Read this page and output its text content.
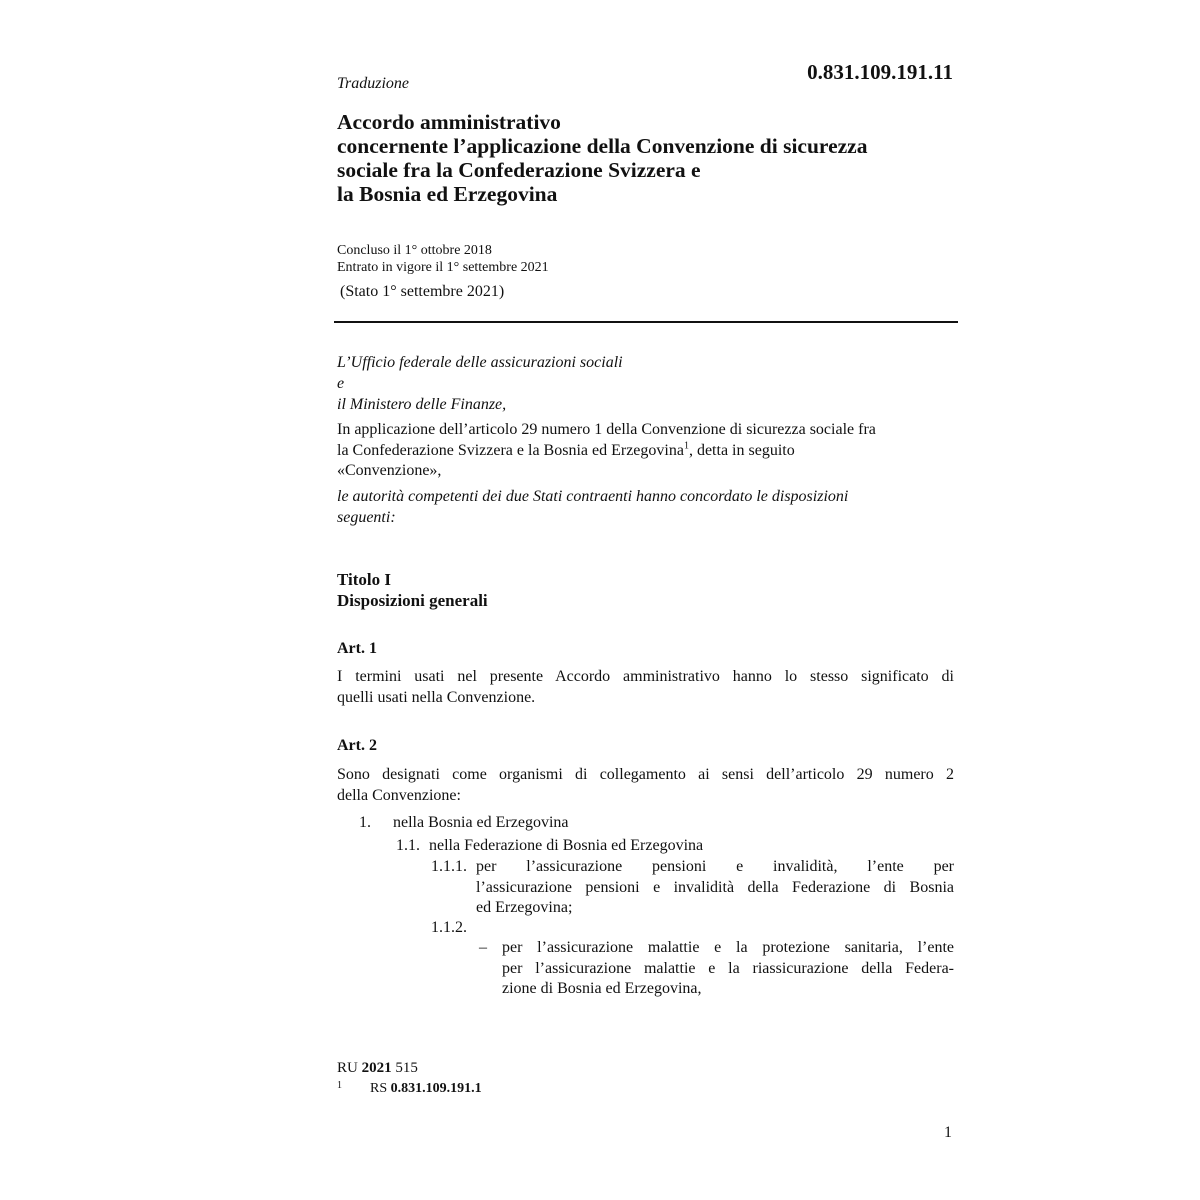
0.831.109.191.11
Traduzione
Accordo amministrativo
concernente l’applicazione della Convenzione di sicurezza
sociale fra la Confederazione Svizzera e
la Bosnia ed Erzegovina
Concluso il 1° ottobre 2018
Entrato in vigore il 1° settembre 2021
(Stato 1° settembre 2021)
L’Ufficio federale delle assicurazioni sociali
e
il Ministero delle Finanze,
In applicazione dell’articolo 29 numero 1 della Convenzione di sicurezza sociale fra
la Confederazione Svizzera e la Bosnia ed Erzegovina$^1$, detta in seguito
«Convenzione»,
le autorità competenti dei due Stati contraenti hanno concordato le disposizioni
seguenti:
Titolo I
Disposizioni generali
Art. 1
I termini usati nel presente Accordo amministrativo hanno lo stesso significato di
quelli usati nella Convenzione.
Art. 2
Sono designati come organismi di collegamento ai sensi dell’articolo 29 numero 2
della Convenzione:
1. nella Bosnia ed Erzegovina
1.1. nella Federazione di Bosnia ed Erzegovina
1.1.1. per l’assicurazione pensioni e invalidità, l’ente per
l’assicurazione pensioni e invalidità della Federazione di Bosnia
ed Erzegovina;
1.1.2.
– per l’assicurazione malattie e la protezione sanitaria, l’ente
per l’assicurazione malattie e la riassicurazione della Federa-
zione di Bosnia ed Erzegovina,
RU 2021 515
1 RS 0.831.109.191.1
1
